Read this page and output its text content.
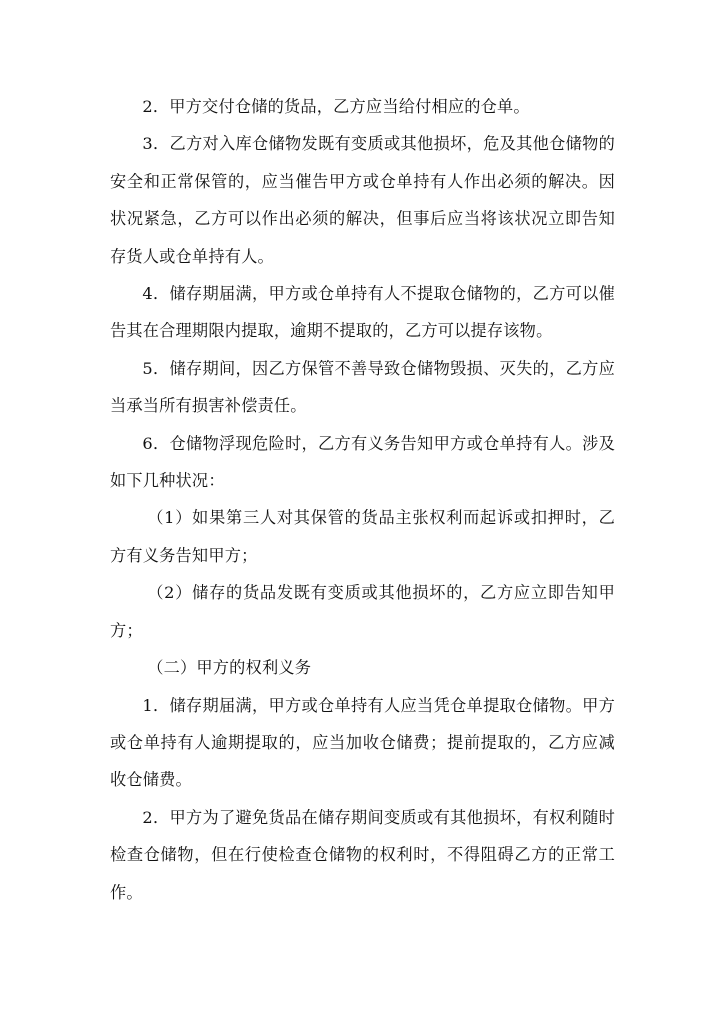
2．甲方交付仓储的货品，乙方应当给付相应的仓单。

3．乙方对入库仓储物发既有变质或其他损坏，危及其他仓储物的安全和正常保管的，应当催告甲方或仓单持有人作出必须的解决。因状况紧急，乙方可以作出必须的解决，但事后应当将该状况立即告知存货人或仓单持有人。

4．储存期届满，甲方或仓单持有人不提取仓储物的，乙方可以催告其在合理期限内提取，逾期不提取的，乙方可以提存该物。

5．储存期间，因乙方保管不善导致仓储物毁损、灭失的，乙方应当承当所有损害补偿责任。

6．仓储物浮现危险时，乙方有义务告知甲方或仓单持有人。涉及如下几种状况：

（1）如果第三人对其保管的货品主张权利而起诉或扣押时，乙方有义务告知甲方；

（2）储存的货品发既有变质或其他损坏的，乙方应立即告知甲方；

（二）甲方的权利义务

1．储存期届满，甲方或仓单持有人应当凭仓单提取仓储物。甲方或仓单持有人逾期提取的，应当加收仓储费；提前提取的，乙方应减收仓储费。

2．甲方为了避免货品在储存期间变质或有其他损坏，有权利随时检查仓储物，但在行使检查仓储物的权利时，不得阻碍乙方的正常工作。
